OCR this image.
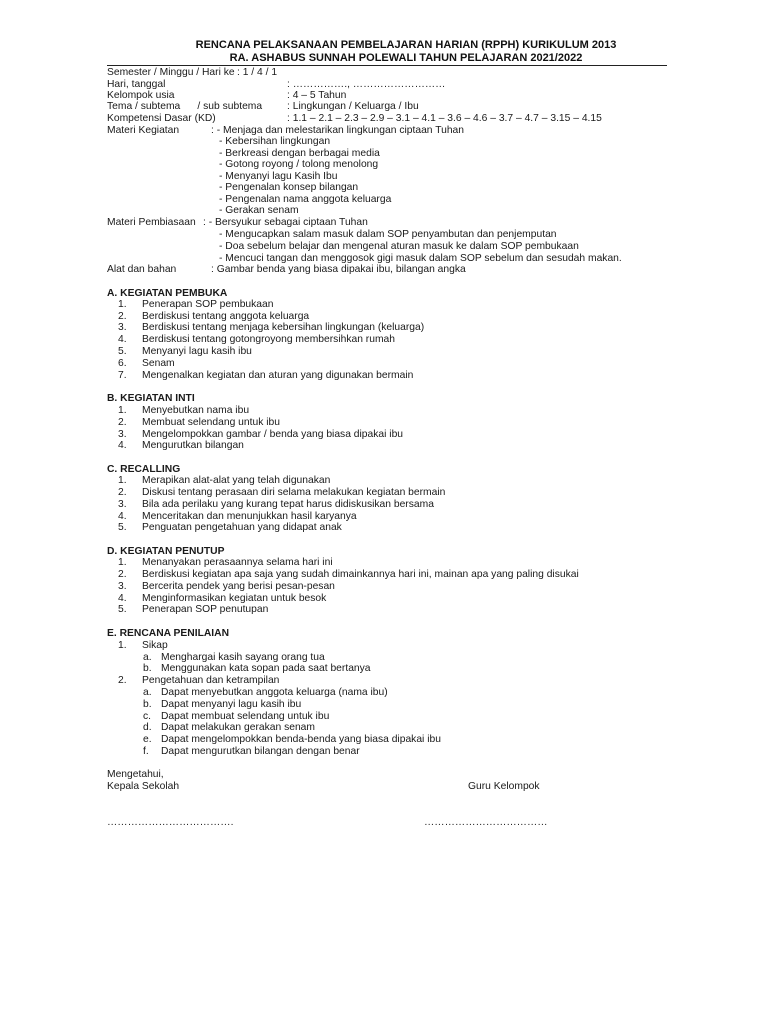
RENCANA PELAKSANAAN PEMBELAJARAN HARIAN (RPPH) KURIKULUM 2013
RA. ASHABUS SUNNAH POLEWALI TAHUN PELAJARAN 2021/2022
Semester / Minggu / Hari ke : 1 / 4 / 1
Hari, tanggal	: ……………., ………………………
Kelompok usia	: 4 – 5 Tahun
Tema / subtema      / sub subtema : Lingkungan / Keluarga / Ibu
Kompetensi Dasar (KD)	: 1.1 – 2.1 – 2.3 – 2.9 – 3.1 – 4.1 – 3.6 – 4.6 – 3.7 – 4.7 – 3.15 – 4.15
Materi Kegiatan	: - Menjaga dan melestarikan lingkungan ciptaan Tuhan
- Kebersihan lingkungan
- Berkreasi dengan berbagai media
- Gotong royong / tolong menolong
- Menyanyi lagu Kasih Ibu
- Pengenalan konsep bilangan
- Pengenalan nama anggota keluarga
- Gerakan senam
Materi Pembiasaan : - Bersyukur sebagai ciptaan Tuhan
- Mengucapkan salam masuk dalam SOP penyambutan dan penjemputan
- Doa sebelum belajar dan mengenal aturan masuk ke dalam SOP pembukaan
- Mencuci tangan dan menggosok gigi masuk dalam SOP sebelum dan sesudah makan.
Alat dan bahan	: Gambar benda yang biasa dipakai ibu, bilangan angka
A. KEGIATAN PEMBUKA
1.	Penerapan SOP pembukaan
2.	Berdiskusi tentang anggota keluarga
3.	Berdiskusi tentang menjaga kebersihan lingkungan (keluarga)
4.	Berdiskusi tentang gotongroyong membersihkan rumah
5.	Menyanyi lagu kasih ibu
6.	Senam
7.	Mengenalkan kegiatan dan aturan yang digunakan bermain
B. KEGIATAN INTI
1.	Menyebutkan nama ibu
2.	Membuat selendang untuk ibu
3.	Mengelompokkan gambar / benda yang biasa dipakai ibu
4.	Mengurutkan bilangan
C. RECALLING
1.	Merapikan alat-alat yang telah digunakan
2.	Diskusi tentang perasaan diri selama melakukan kegiatan bermain
3.	Bila ada perilaku yang kurang tepat harus didiskusikan bersama
4.	Menceritakan dan menunjukkan hasil karyanya
5.	Penguatan pengetahuan yang didapat anak
D. KEGIATAN PENUTUP
1.	Menanyakan perasaannya selama hari ini
2.	Berdiskusi kegiatan apa saja yang sudah dimainkannya hari ini, mainan apa yang paling disukai
3.	Bercerita pendek yang berisi pesan-pesan
4.	Menginformasikan kegiatan untuk besok
5.	Penerapan SOP penutupan
E. RENCANA PENILAIAN
1.	Sikap
a. Menghargai kasih sayang orang tua
b. Menggunakan kata sopan pada saat bertanya
2.	Pengetahuan dan ketrampilan
a. Dapat menyebutkan anggota keluarga (nama ibu)
b. Dapat menyanyi lagu kasih ibu
c. Dapat membuat selendang untuk ibu
d. Dapat melakukan gerakan senam
e. Dapat mengelompokkan benda-benda yang biasa dipakai ibu
f. Dapat mengurutkan bilangan dengan benar
Mengetahui,
Kepala Sekolah	Guru Kelompok
……………………………….	………………………………
